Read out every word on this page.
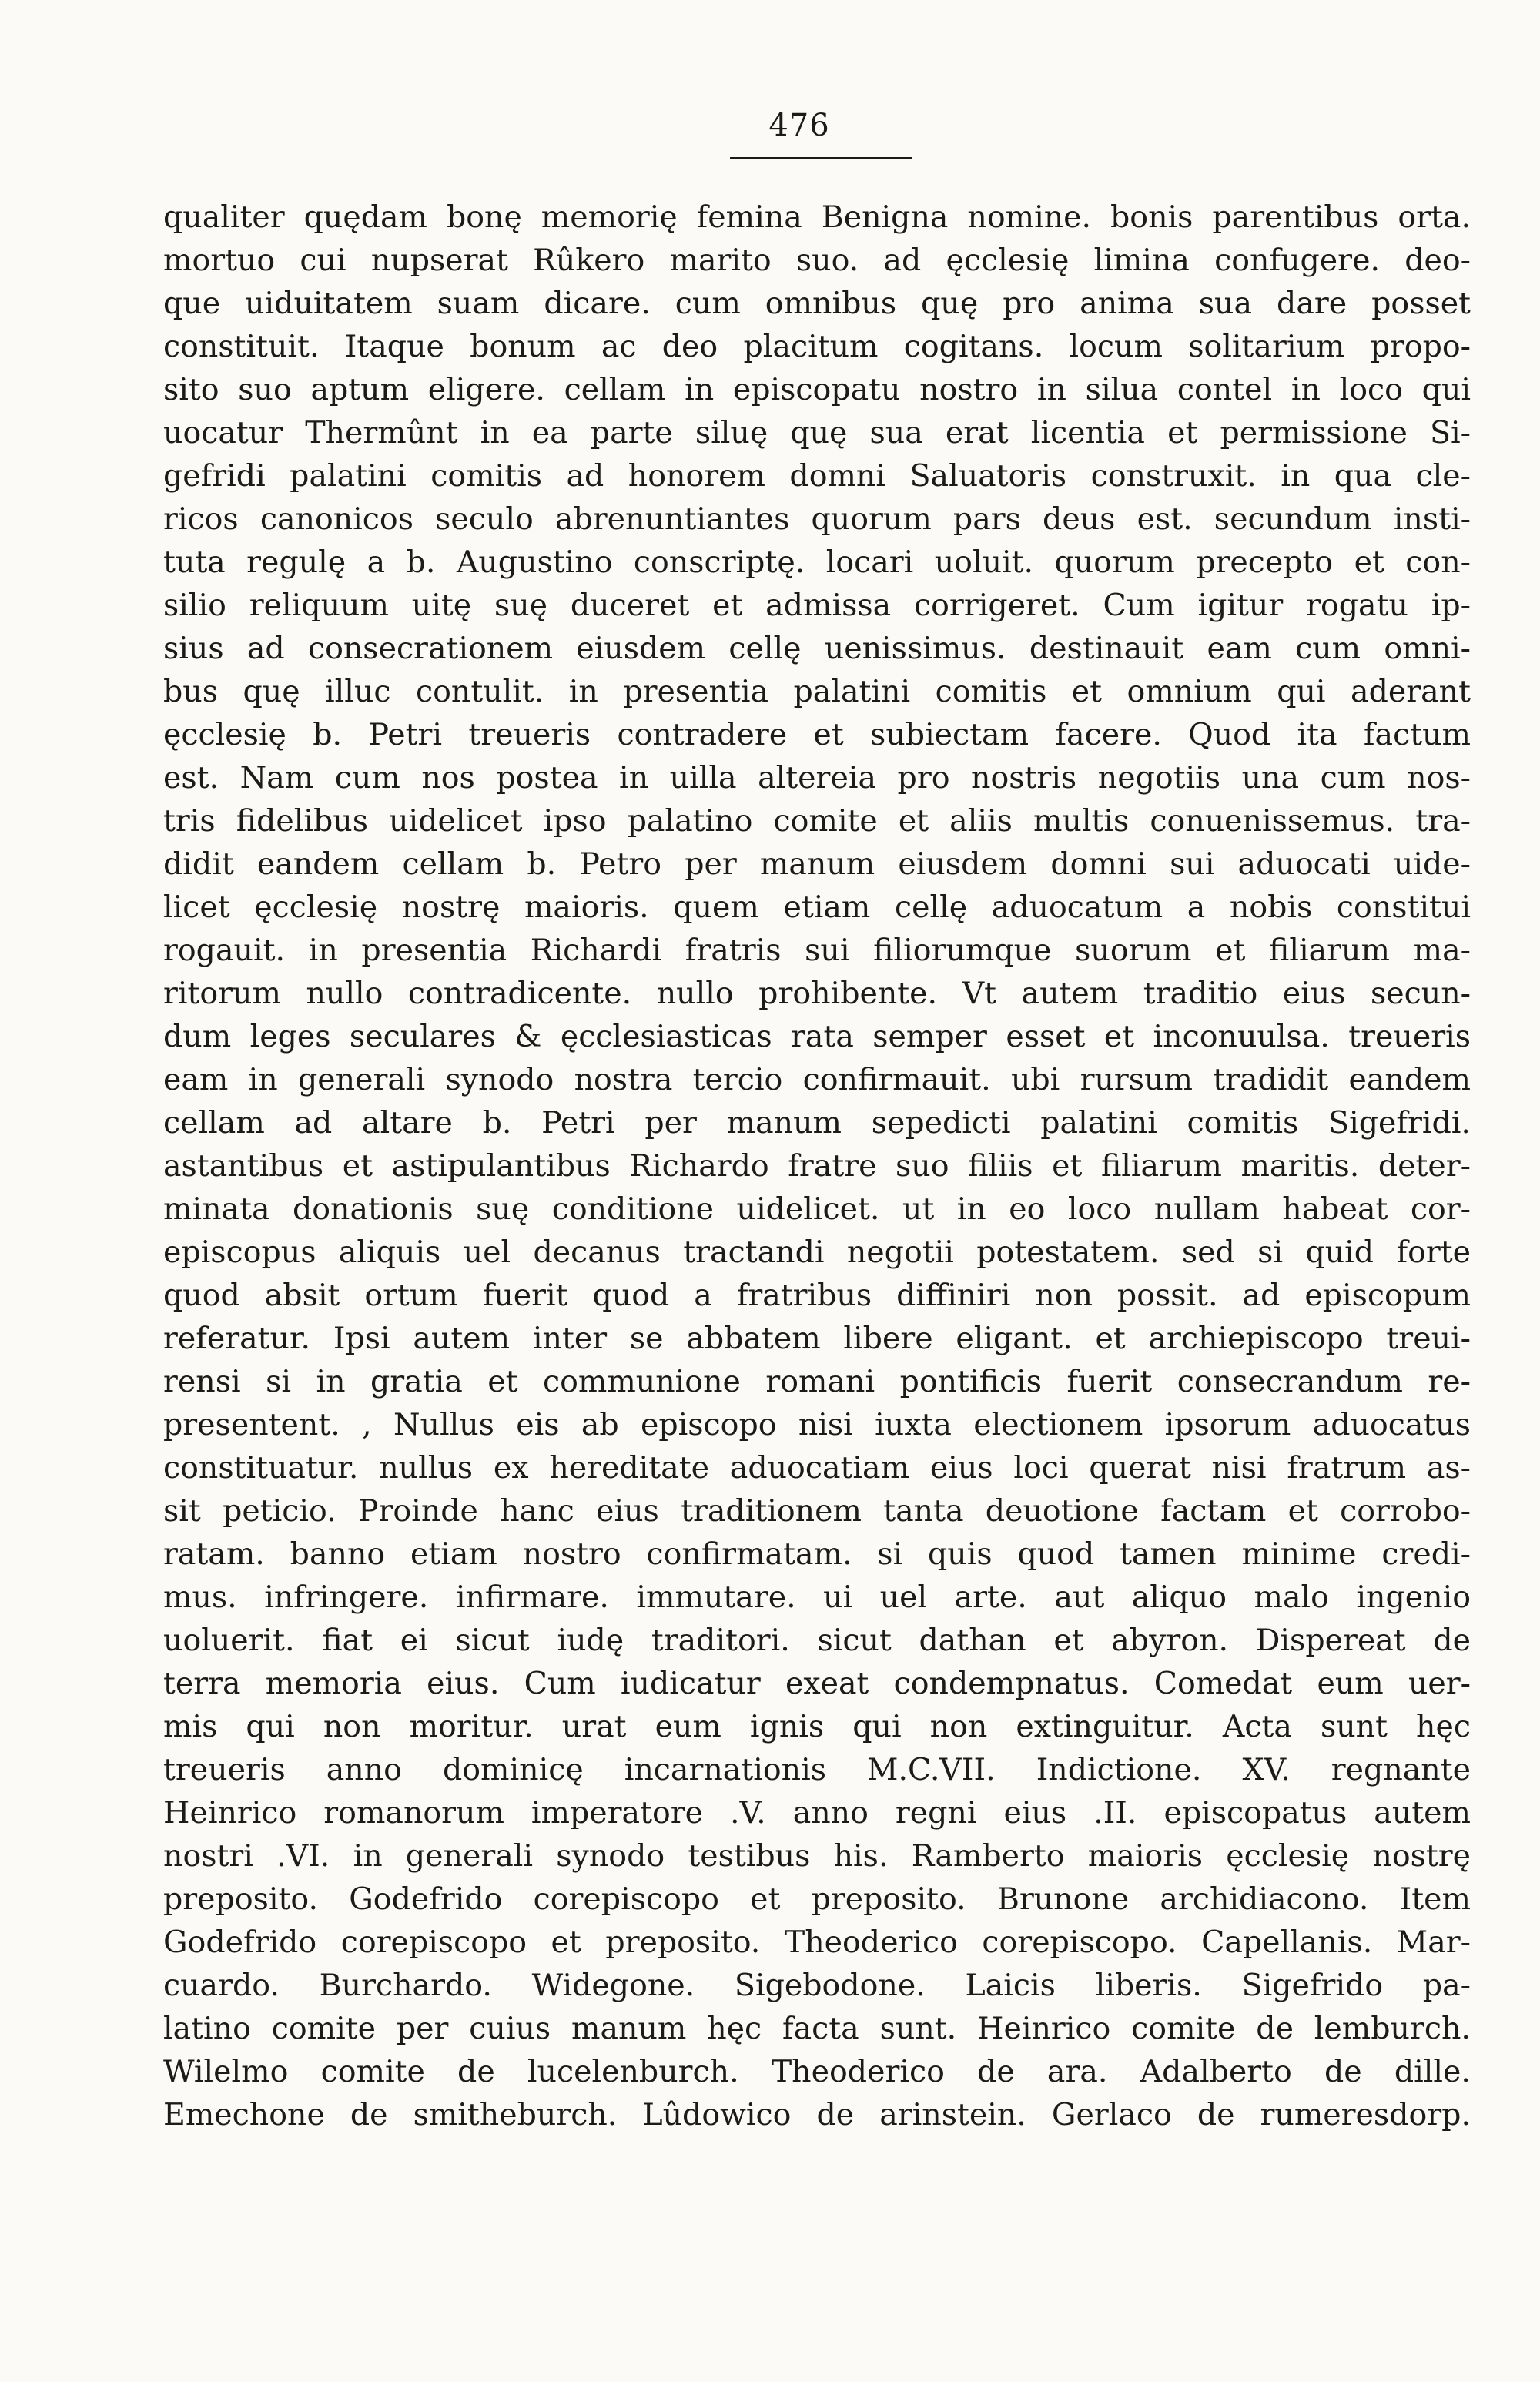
476
qualiter quędam bonę memorię femina Benigna nomine. bonis parentibus orta.
mortuo cui nupserat Rûkero marito suo. ad ęcclesię limina confugere. deo-
que uiduitatem suam dicare. cum omnibus quę pro anima sua dare posset
constituit. Itaque bonum ac deo placitum cogitans. locum solitarium propo-
sito suo aptum eligere. cellam in episcopatu nostro in silua contel in loco qui
uocatur Thermûnt in ea parte siluę quę sua erat licentia et permissione Si-
gefridi palatini comitis ad honorem domni Saluatoris construxit. in qua cle-
ricos canonicos seculo abrenuntiantes quorum pars deus est. secundum insti-
tuta regulę a b. Augustino conscriptę. locari uoluit. quorum precepto et con-
silio reliquum uitę suę duceret et admissa corrigeret. Cum igitur rogatu ip-
sius ad consecrationem eiusdem cellę uenissimus. destinauit eam cum omni-
bus quę illuc contulit. in presentia palatini comitis et omnium qui aderant
ęcclesię b. Petri treueris contradere et subiectam facere. Quod ita factum
est. Nam cum nos postea in uilla altereia pro nostris negotiis una cum nos-
tris fidelibus uidelicet ipso palatino comite et aliis multis conuenissemus. tra-
didit eandem cellam b. Petro per manum eiusdem domni sui aduocati uide-
licet ęcclesię nostrę maioris. quem etiam cellę aduocatum a nobis constitui
rogauit. in presentia Richardi fratris sui filiorumque suorum et filiarum ma-
ritorum nullo contradicente. nullo prohibente. Vt autem traditio eius secun-
dum leges seculares & ęcclesiasticas rata semper esset et inconuulsa. treueris
eam in generali synodo nostra tercio confirmauit. ubi rursum tradidit eandem
cellam ad altare b. Petri per manum sepedicti palatini comitis Sigefridi.
astantibus et astipulantibus Richardo fratre suo filiis et filiarum maritis. deter-
minata donationis suę conditione uidelicet. ut in eo loco nullam habeat cor-
episcopus aliquis uel decanus tractandi negotii potestatem. sed si quid forte
quod absit ortum fuerit quod a fratribus diffiniri non possit. ad episcopum
referatur. Ipsi autem inter se abbatem libere eligant. et archiepiscopo treui-
rensi si in gratia et communione romani pontificis fuerit consecrandum re-
presentent. , Nullus eis ab episcopo nisi iuxta electionem ipsorum aduocatus
constituatur. nullus ex hereditate aduocatiam eius loci querat nisi fratrum as-
sit peticio. Proinde hanc eius traditionem tanta deuotione factam et corrobo-
ratam. banno etiam nostro confirmatam. si quis quod tamen minime credi-
mus. infringere. infirmare. immutare. ui uel arte. aut aliquo malo ingenio
uoluerit. fiat ei sicut iudę traditori. sicut dathan et abyron. Dispereat de
terra memoria eius. Cum iudicatur exeat condempnatus. Comedat eum uer-
mis qui non moritur. urat eum ignis qui non extinguitur. Acta sunt hęc
treueris anno dominicę incarnationis M.C.VII. Indictione. XV. regnante
Heinrico romanorum imperatore .V. anno regni eius .II. episcopatus autem
nostri .VI. in generali synodo testibus his. Ramberto maioris ęcclesię nostrę
preposito. Godefrido corepiscopo et preposito. Brunone archidiacono. Item
Godefrido corepiscopo et preposito. Theoderico corepiscopo. Capellanis. Mar-
cuardo. Burchardo. Widegone. Sigebodone. Laicis liberis. Sigefrido pa-
latino comite per cuius manum hęc facta sunt. Heinrico comite de lemburch.
Wilelmo comite de lucelenburch. Theoderico de ara. Adalberto de dille.
Emechone de smitheburch. Lûdowico de arinstein. Gerlaco de rumeresdorp.
